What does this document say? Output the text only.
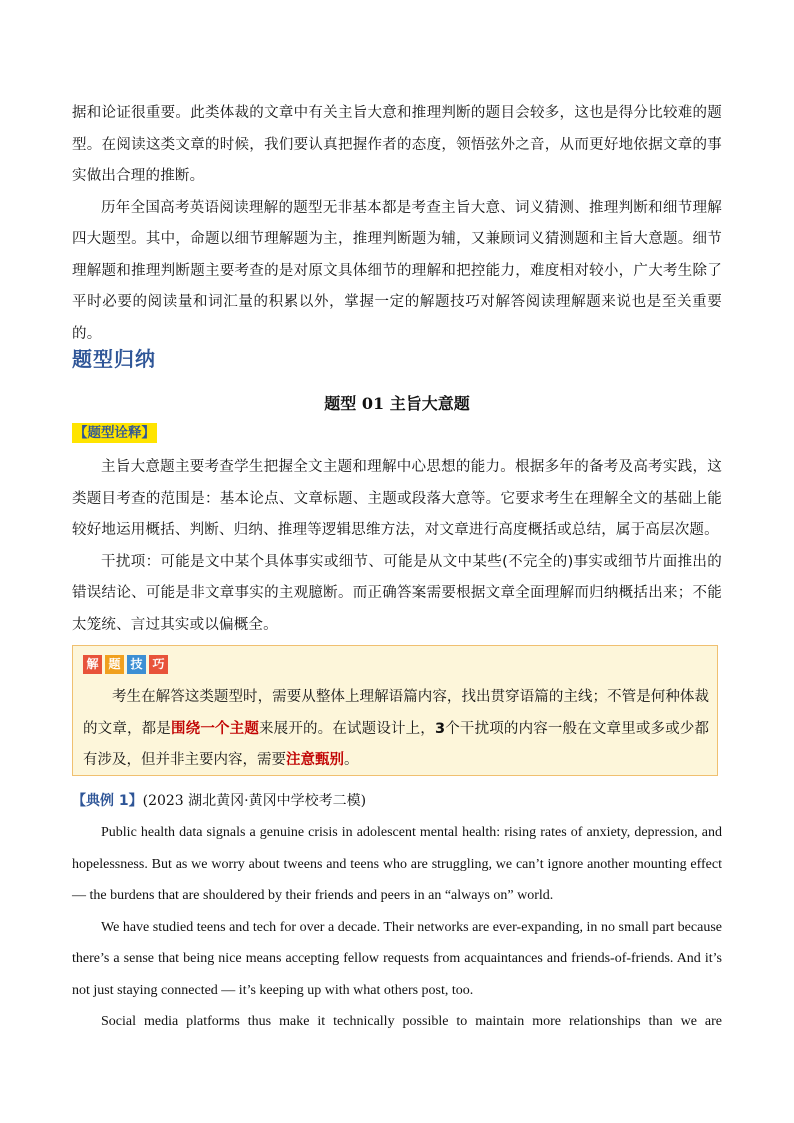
据和论证很重要。此类体裁的文章中有关主旨大意和推理判断的题目会较多，这也是得分比较难的题型。在阅读这类文章的时候，我们要认真把握作者的态度，领悟弦外之音，从而更好地依据文章的事实做出合理的推断。

历年全国高考英语阅读理解的题型无非基本都是考查主旨大意、词义猜测、推理判断和细节理解四大题型。其中，命题以细节理解题为主，推理判断题为辅，又兼顾词义猜测题和主旨大意题。细节理解题和推理判断题主要考查的是对原文具体细节的理解和把控能力，难度相对较小，广大考生除了平时必要的阅读量和词汇量的积累以外，掌握一定的解题技巧对解答阅读理解题来说也是至关重要的。

题型归纳
题型 01 主旨大意题
【题型诠释】

主旨大意题主要考查学生把握全文主题和理解中心思想的能力。根据多年的备考及高考实践，这类题目考查的范围是：基本论点、文章标题、主题或段落大意等。它要求考生在理解全文的基础上能较好地运用概括、判断、归纳、推理等逻辑思维方法，对文章进行高度概括或总结，属于高层次题。

干扰项：可能是文中某个具体事实或细节、可能是从文中某些(不完全的)事实或细节片面推出的错误结论、可能是非文章事实的主观臆断。而正确答案需要根据文章全面理解而归纳概括出来；不能太笼统、言过其实或以偏概全。

解 题 技 巧

考生在解答这类题型时，需要从整体上理解语篇内容，找出贯穿语篇的主线；不管是何种体裁的文章，都是围绕一个主题来展开的。在试题设计上，3个干扰项的内容一般在文章里或多或少都有涉及，但并非主要内容，需要注意甄别。

【典例 1】(2023 湖北黄冈·黄冈中学校考二模)

Public health data signals a genuine crisis in adolescent mental health: rising rates of anxiety, depression, and hopelessness. But as we worry about tweens and teens who are struggling, we can’t ignore another mounting effect — the burdens that are shouldered by their friends and peers in an “always on” world.

We have studied teens and tech for over a decade. Their networks are ever-expanding, in no small part because there’s a sense that being nice means accepting fellow requests from acquaintances and friends-of-friends. And it’s not just staying connected — it’s keeping up with what others post, too.

Social media platforms thus make it technically possible to maintain more relationships than we are
